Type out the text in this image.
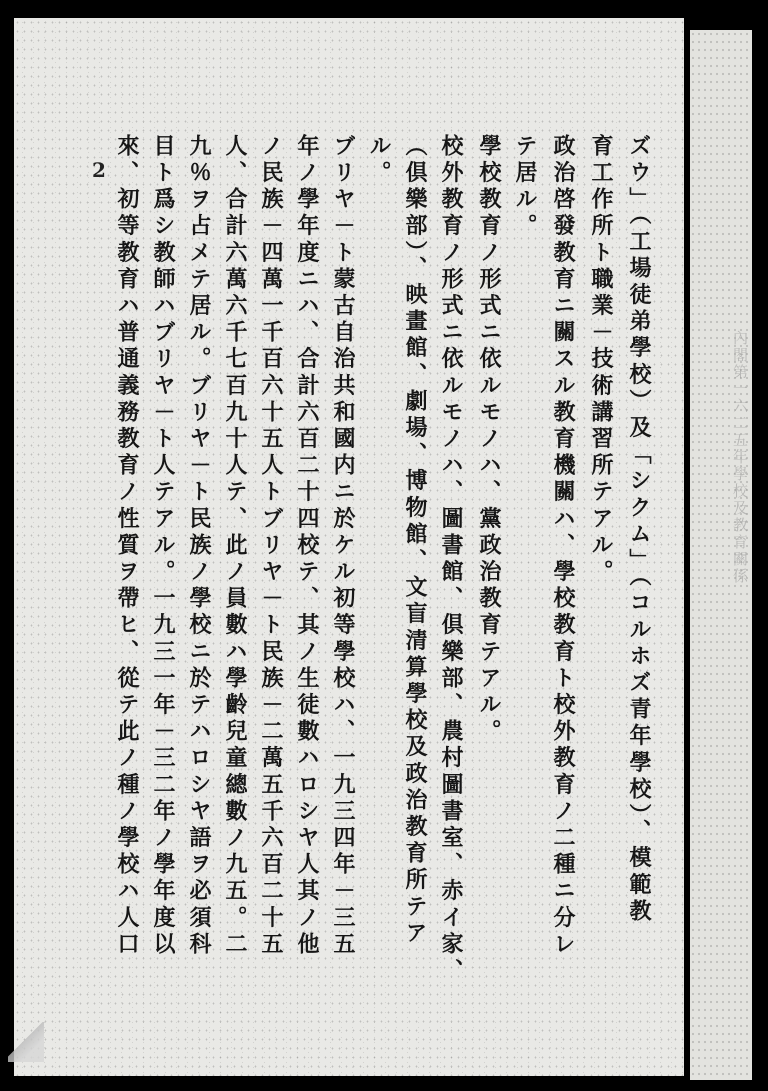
內閣第一六二五年學校及教育關係
2	ズウ」（工場徒弟學校）及「シクム」（コルホズ青年學校）、模範教
育工作所ト職業－技術講習所テアル。
政治啓發教育ニ關スル教育機關ハ、學校教育ト校外教育ノ二種ニ分レ
テ居ル。
學校教育ノ形式ニ依ルモノハ、黨政治教育テアル。
校外教育ノ形式ニ依ルモノハ、圖書館、倶樂部、農村圖書室、赤イ家、
（倶樂部）、映畫館、劇場、博物館、文盲清算學校及政治教育所テア
ル。
ブリヤ－ト蒙古自治共和國内ニ於ケル初等學校ハ、一九三四年－三五
年ノ學年度ニハ、合計六百二十四校テ、其ノ生徒數ハロシヤ人其ノ他
ノ民族－四萬一千百六十五人トブリヤ－ト民族－二萬五千六百二十五
人、合計六萬六千七百九十人テ、此ノ員數ハ學齡兒童總數ノ九五。二
九％ヲ占メテ居ル。ブリヤ－ト民族ノ學校ニ於テハロシヤ語ヲ必須科
目ト爲シ教師ハブリヤ－ト人テアル。一九三一年－三二年ノ學年度以
來、初等教育ハ普通義務教育ノ性質ヲ帶ヒ、從テ此ノ種ノ學校ハ人口
